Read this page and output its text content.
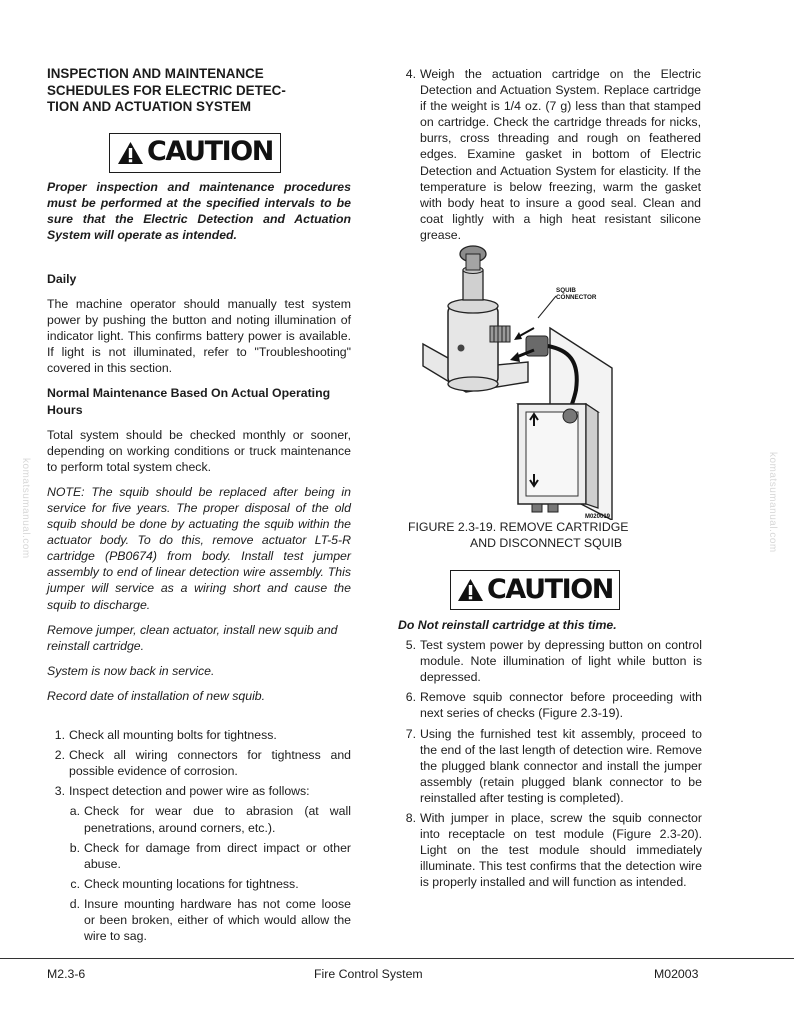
komatsumanual.com	komatsumanual.com
INSPECTION AND MAINTENANCE
SCHEDULES FOR ELECTRIC DETEC-
TION AND ACTUATION SYSTEM
CAUTION

Proper inspection and maintenance procedures must be performed at the specified intervals to be sure that the Electric Detection and Actuation System will operate as intended.

Daily

The machine operator should manually test system power by pushing the button and noting illumination of indicator light. This confirms battery power is available. If light is not illuminated, refer to "Troubleshooting" covered in this section.

Normal Maintenance Based On Actual Operating Hours

Total system should be checked monthly or sooner, depending on working conditions or truck maintenance to perform total system check.

NOTE: The squib should be replaced after being in service for five years. The proper disposal of the old squib should be done by actuating the squib within the actuator body. To do this, remove actuator LT-5-R cartridge (PB0674) from body. Install test jumper assembly to end of linear detection wire assembly. This jumper will service as a wiring short and cause the squib to discharge.

Remove jumper, clean actuator, install new squib and reinstall cartridge.

System is now back in service.

Record date of installation of new squib.

1. Check all mounting bolts for tightness.
2. Check all wiring connectors for tightness and possible evidence of corrosion.
3. Inspect detection and power wire as follows:
a. Check for wear due to abrasion (at wall penetrations, around corners, etc.).
b. Check for damage from direct impact or other abuse.
c. Check mounting locations for tightness.
d. Insure mounting hardware has not come loose or been broken, either of which would allow the wire to sag.
4. Weigh the actuation cartridge on the Electric Detection and Actuation System. Replace cartridge if the weight is 1/4 oz. (7 g) less than that stamped on cartridge. Check the cartridge threads for nicks, burrs, cross threading and rough on feathered edges. Examine gasket in bottom of Electric Detection and Actuation System for elasticity. If the temperature is below freezing, warm the gasket with body heat to insure a good seal. Clean and coat lightly with a high heat resistant silicone grease.
SQUIB
CONNECTOR
M020019
FIGURE 2.3-19. REMOVE CARTRIDGE
AND DISCONNECT SQUIB
CAUTION

Do Not reinstall cartridge at this time.

5. Test system power by depressing button on control module. Note illumination of light while button is depressed.
6. Remove squib connector before proceeding with next series of checks (Figure 2.3-19).
7. Using the furnished test kit assembly, proceed to the end of the last length of detection wire. Remove the plugged blank connector and install the jumper assembly (retain plugged blank connector to be reinstalled after testing is completed).
8. With jumper in place, screw the squib connector into receptacle on test module (Figure 2.3-20). Light on the test module should immediately illuminate. This test confirms that the detection wire is properly installed and will function as intended.
M2.3-6	Fire Control System	M02003
